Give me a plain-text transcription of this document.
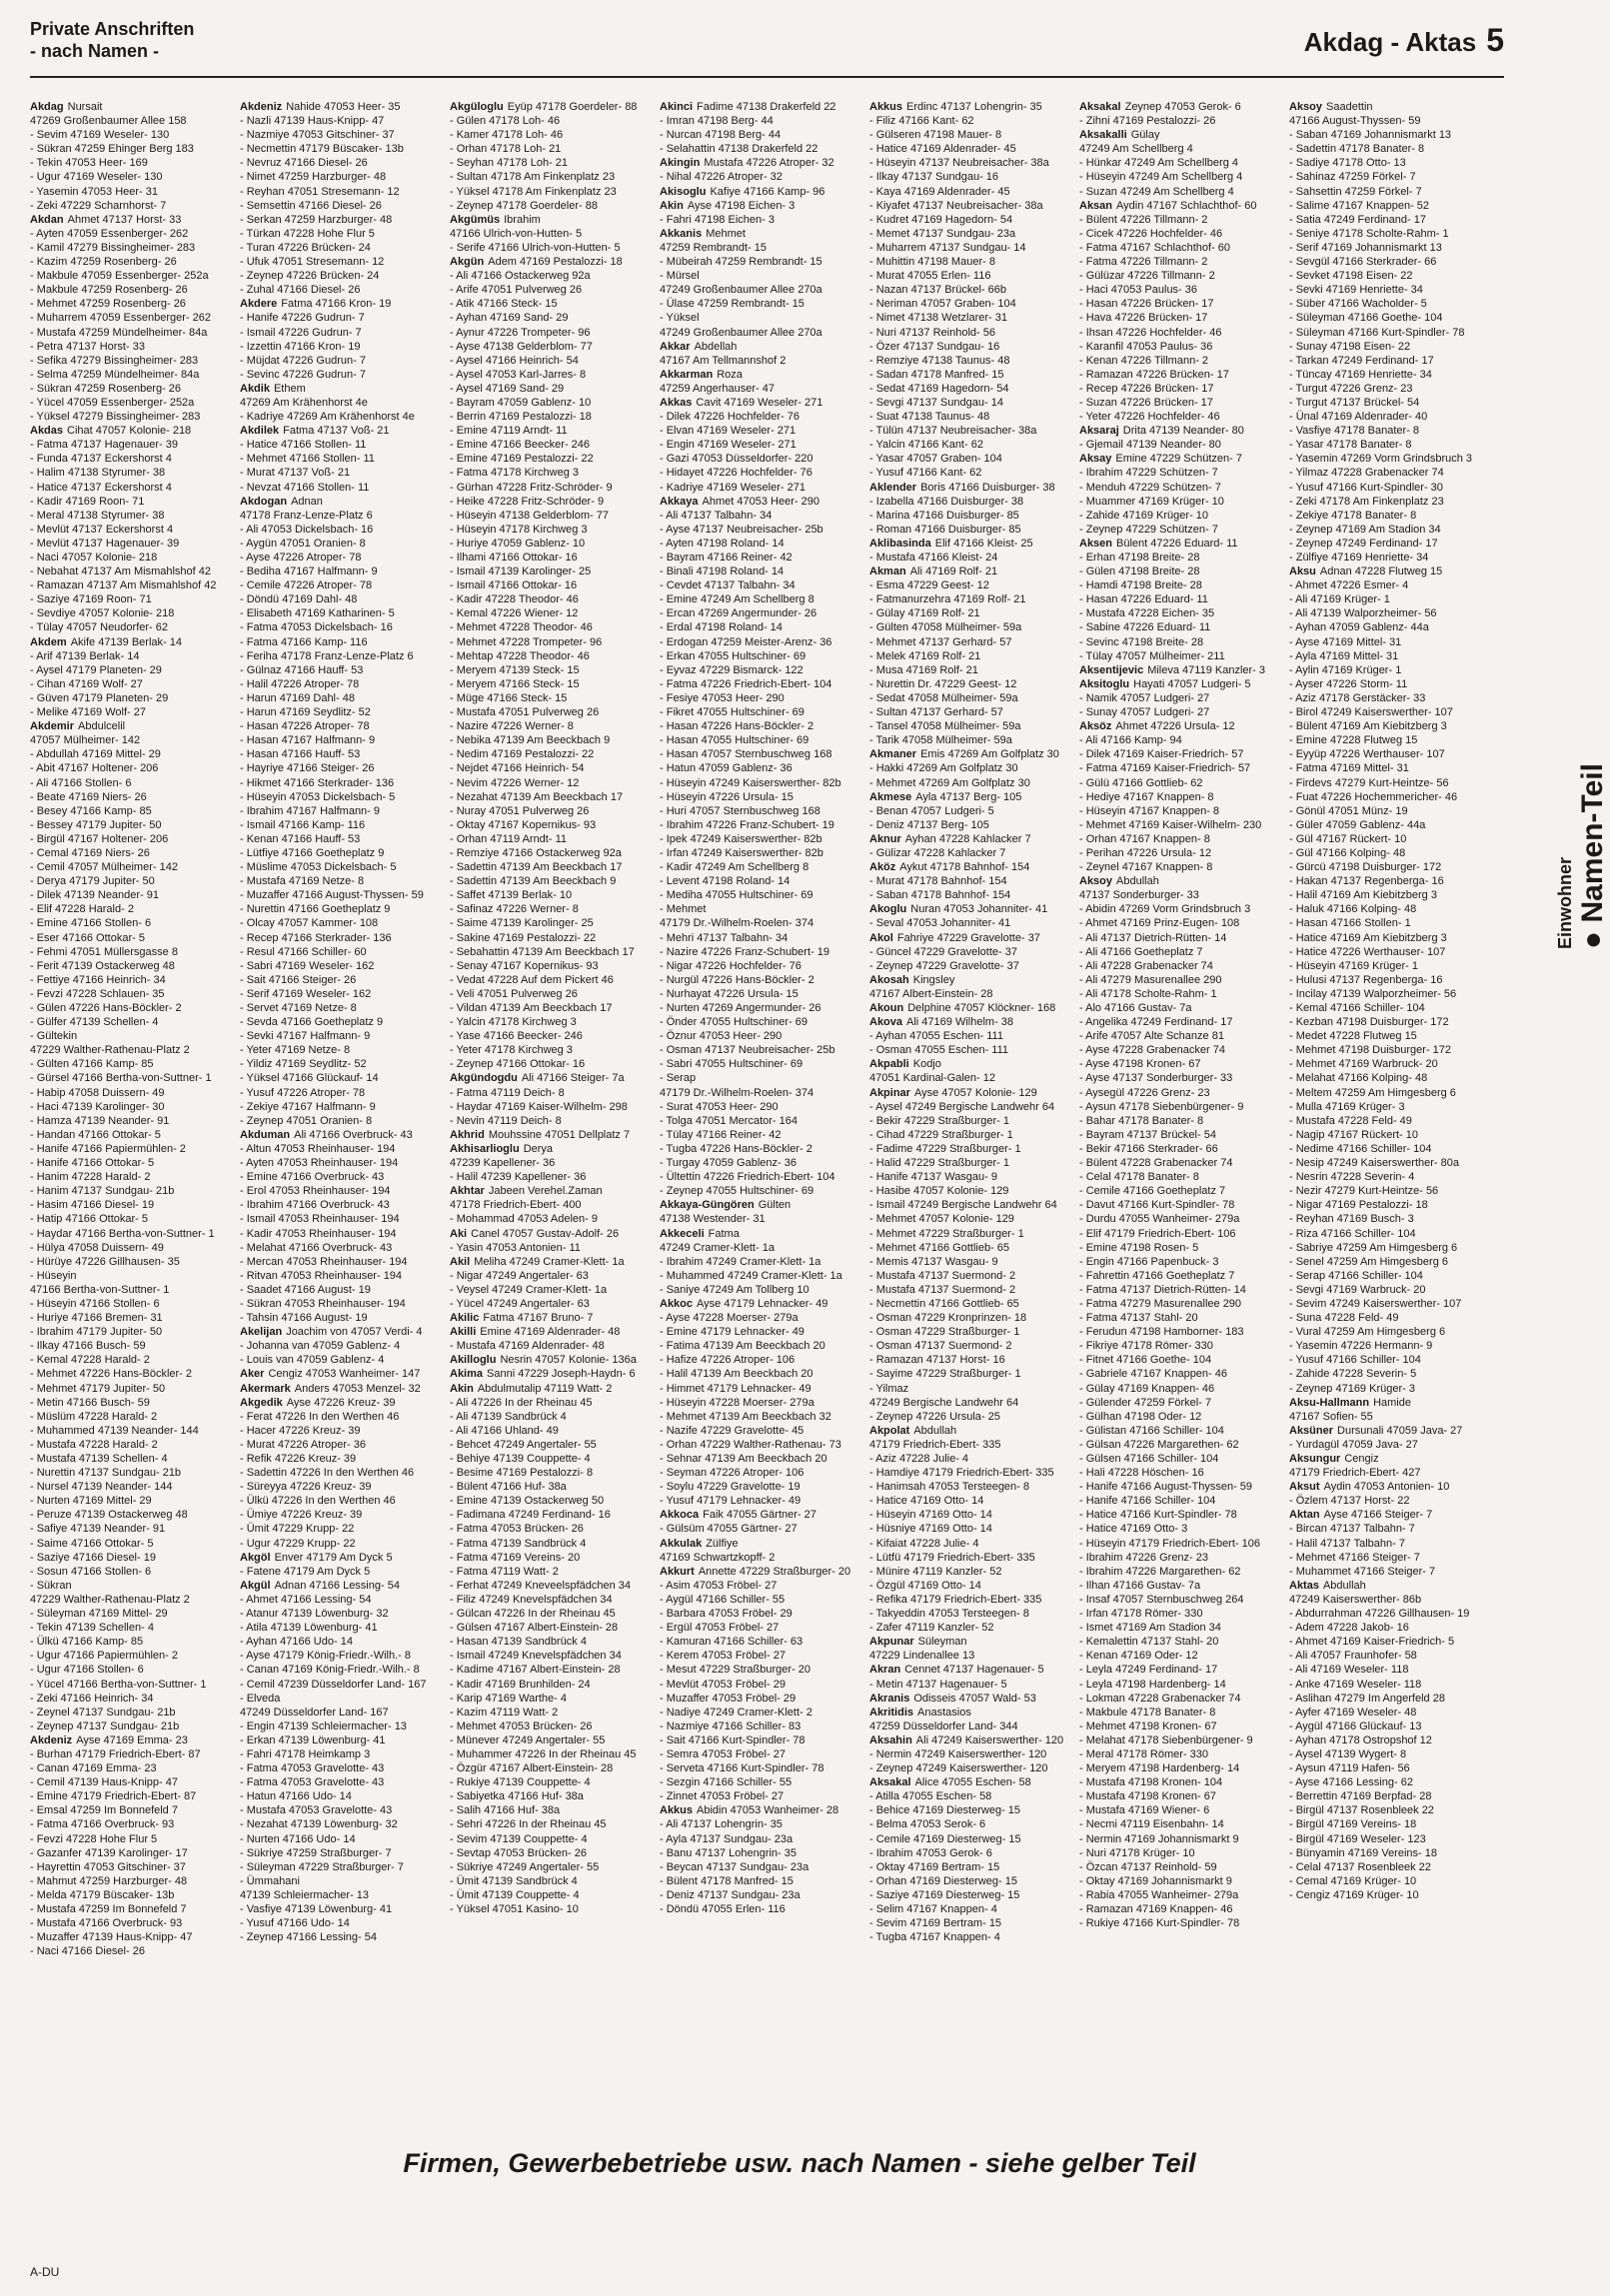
Private Anschriften
- nach Namen -	Akdag - Aktas 5
Akdag Nursait
47269 Großenbaumer Allee 158
- Sevim 47169 Weseler- 130
- Sükran 47259 Ehinger Berg 183
- Tekin 47053 Heer- 169
- Ugur 47169 Weseler- 130
- Yasemin 47053 Heer- 31
- Zeki 47229 Scharnhorst- 7
Akdan Ahmet 47137 Horst- 33
- Ayten 47059 Essenberger- 262
- Kamil 47279 Bissingheimer- 283
- Kazim 47259 Rosenberg- 26
- Makbule 47059 Essenberger- 252a
- Makbule 47259 Rosenberg- 26
- Mehmet 47259 Rosenberg- 26
- Muharrem 47059 Essenberger- 262
- Mustafa 47259 Mündelheimer- 84a
- Petra 47137 Horst- 33
- Sefika 47279 Bissingheimer- 283
- Selma 47259 Mündelheimer- 84a
- Sükran 47259 Rosenberg- 26
- Yücel 47059 Essenberger- 252a
- Yüksel 47279 Bissingheimer- 283
Akdas Cihat 47057 Kolonie- 218
- Fatma 47137 Hagenauer- 39
- Funda 47137 Eckershorst 4
- Halim 47138 Styrumer- 38
- Hatice 47137 Eckershorst 4
- Kadir 47169 Roon- 71
- Meral 47138 Styrumer- 38
- Mevlüt 47137 Eckershorst 4
- Mevlüt 47137 Hagenauer- 39
- Naci 47057 Kolonie- 218
- Nebahat 47137 Am Mismahlshof 42
- Ramazan 47137 Am Mismahlshof 42
- Saziye 47169 Roon- 71
- Sevdiye 47057 Kolonie- 218
- Tülay 47057 Neudorfer- 62
Akdem Akife 47139 Berlak- 14
- Arif 47139 Berlak- 14
- Aysel 47179 Planeten- 29
- Cihan 47169 Wolf- 27
- Güven 47179 Planeten- 29
- Melike 47169 Wolf- 27
Akdemir Abdulcelil
47057 Mülheimer- 142
- Abdullah 47169 Mittel- 29
- Abit 47167 Holtener- 206
- Ali 47166 Stollen- 6
- Beate 47169 Niers- 26
- Besey 47166 Kamp- 85
- Bessey 47179 Jupiter- 50
- Birgül 47167 Holtener- 206
- Cemal 47169 Niers- 26
- Cemil 47057 Mülheimer- 142
- Derya 47179 Jupiter- 50
- Dilek 47139 Neander- 91
- Elif 47228 Harald- 2
- Emine 47166 Stollen- 6
- Eser 47166 Ottokar- 5
- Fehmi 47051 Müllersgasse 8
- Ferit 47139 Ostackerweg 48
- Fettiye 47166 Heinrich- 34
- Fevzi 47228 Schlauen- 35
- Gülen 47226 Hans-Böckler- 2
- Gülfer 47139 Schellen- 4
- Gültekin
47229 Walther-Rathenau-Platz 2
- Gülten 47166 Kamp- 85
- Gürsel 47166 Bertha-von-Suttner- 1
- Habip 47058 Duissern- 49
- Haci 47139 Karolinger- 30
- Hamza 47139 Neander- 91
- Handan 47166 Ottokar- 5
- Hanife 47166 Papiermühlen- 2
- Hanife 47166 Ottokar- 5
- Hanim 47228 Harald- 2
- Hanim 47137 Sundgau- 21b
- Hasim 47166 Diesel- 19
- Hatip 47166 Ottokar- 5
- Haydar 47166 Bertha-von-Suttner- 1
- Hülya 47058 Duissern- 49
- Hürüye 47226 Gillhausen- 35
- Hüseyin
47166 Bertha-von-Suttner- 1
- Hüseyin 47166 Stollen- 6
- Huriye 47166 Bremen- 31
- Ibrahim 47179 Jupiter- 50
- Ilkay 47166 Busch- 59
- Kemal 47228 Harald- 2
- Mehmet 47226 Hans-Böckler- 2
- Mehmet 47179 Jupiter- 50
- Metin 47166 Busch- 59
- Müslüm 47228 Harald- 2
- Muhammed 47139 Neander- 144
- Mustafa 47228 Harald- 2
- Mustafa 47139 Schellen- 4
- Nurettin 47137 Sundgau- 21b
- Nursel 47139 Neander- 144
- Nurten 47169 Mittel- 29
- Peruze 47139 Ostackerweg 48
- Safiye 47139 Neander- 91
- Saime 47166 Ottokar- 5
- Saziye 47166 Diesel- 19
- Sosun 47166 Stollen- 6
- Sükran
47229 Walther-Rathenau-Platz 2
- Süleyman 47169 Mittel- 29
- Tekin 47139 Schellen- 4
- Ülkü 47166 Kamp- 85
- Ugur 47166 Papiermühlen- 2
- Ugur 47166 Stollen- 6
- Yücel 47166 Bertha-von-Suttner- 1
- Zeki 47166 Heinrich- 34
- Zeynel 47137 Sundgau- 21b
- Zeynep 47137 Sundgau- 21b
Akdeniz Ayse 47169 Emma- 23
- Burhan 47179 Friedrich-Ebert- 87
- Canan 47169 Emma- 23
- Cemil 47139 Haus-Knipp- 47
- Emine 47179 Friedrich-Ebert- 87
- Emsal 47259 Im Bonnefeld 7
- Fatma 47166 Overbruck- 93
- Fevzi 47228 Hohe Flur 5
- Gazanfer 47139 Karolinger- 17
- Hayrettin 47053 Gitschiner- 37
- Mahmut 47259 Harzburger- 48
- Melda 47179 Büscaker- 13b
- Mustafa 47259 Im Bonnefeld 7
- Mustafa 47166 Overbruck- 93
- Muzaffer 47139 Haus-Knipp- 47
- Naci 47166 Diesel- 26
Akdeniz Nahide 47053 Heer- 35
- Nazli 47139 Haus-Knipp- 47
- Nazmiye 47053 Gitschiner- 37
- Necmettin 47179 Büscaker- 13b
- Nevruz 47166 Diesel- 26
- Nimet 47259 Harzburger- 48
- Reyhan 47051 Stresemann- 12
- Semsettin 47166 Diesel- 26
- Serkan 47259 Harzburger- 48
- Türkan 47228 Hohe Flur 5
- Turan 47226 Brücken- 24
- Ufuk 47051 Stresemann- 12
- Zeynep 47226 Brücken- 24
- Zuhal 47166 Diesel- 26
Akdere Fatma 47166 Kron- 19
- Hanife 47226 Gudrun- 7
- Ismail 47226 Gudrun- 7
- Izzettin 47166 Kron- 19
- Müjdat 47226 Gudrun- 7
- Sevinc 47226 Gudrun- 7
Akdik Ethem
47269 Am Krähenhorst 4e
- Kadriye 47269 Am Krähenhorst 4e
Akdilek Fatma 47137 Voß- 21
- Hatice 47166 Stollen- 11
- Mehmet 47166 Stollen- 11
- Murat 47137 Voß- 21
- Nevzat 47166 Stollen- 11
Akdogan Adnan
47178 Franz-Lenze-Platz 6
- Ali 47053 Dickelsbach- 16
- Aygün 47051 Oranien- 8
- Ayse 47226 Atroper- 78
- Bediha 47167 Halfmann- 9
- Cemile 47226 Atroper- 78
- Döndü 47169 Dahl- 48
- Elisabeth 47169 Katharinen- 5
- Fatma 47053 Dickelsbach- 16
- Fatma 47166 Kamp- 116
- Feriha 47178 Franz-Lenze-Platz 6
- Gülnaz 47166 Hauff- 53
- Halil 47226 Atroper- 78
- Harun 47169 Dahl- 48
- Harun 47169 Seydlitz- 52
- Hasan 47226 Atroper- 78
- Hasan 47167 Halfmann- 9
- Hasan 47166 Hauff- 53
- Hayriye 47166 Steiger- 26
- Hikmet 47166 Sterkrader- 136
- Hüseyin 47053 Dickelsbach- 5
- Ibrahim 47167 Halfmann- 9
- Ismail 47166 Kamp- 116
- Kenan 47166 Hauff- 53
- Lütfiye 47166 Goetheplatz 9
- Müslime 47053 Dickelsbach- 5
- Mustafa 47169 Netze- 8
- Muzaffer 47166 August-Thyssen- 59
- Nurettin 47166 Goetheplatz 9
- Olcay 47057 Kammer- 108
- Recep 47166 Sterkrader- 136
- Resul 47166 Schiller- 60
- Sabri 47169 Weseler- 162
- Sait 47166 Steiger- 26
- Serif 47169 Weseler- 162
- Servet 47169 Netze- 8
- Sevda 47166 Goetheplatz 9
- Sevki 47167 Halfmann- 9
- Yeter 47169 Netze- 8
- Yildiz 47169 Seydlitz- 52
- Yüksel 47166 Glückauf- 14
- Yusuf 47226 Atroper- 78
- Zekiye 47167 Halfmann- 9
- Zeynep 47051 Oranien- 8
Akduman Ali 47166 Overbruck- 43
- Altun 47053 Rheinhauser- 194
- Ayten 47053 Rheinhauser- 194
- Emine 47166 Overbruck- 43
- Erol 47053 Rheinhauser- 194
- Ibrahim 47166 Overbruck- 43
- Ismail 47053 Rheinhauser- 194
- Kadir 47053 Rheinhauser- 194
- Melahat 47166 Overbruck- 43
- Mercan 47053 Rheinhauser- 194
- Ritvan 47053 Rheinhauser- 194
- Saadet 47166 August- 19
- Sükran 47053 Rheinhauser- 194
- Tahsin 47166 August- 19
Akelijan Joachim von 47057 Verdi- 4
- Johanna van 47059 Gablenz- 4
- Louis van 47059 Gablenz- 4
Aker Cengiz 47053 Wanheimer- 147
Akermark Anders 47053 Menzel- 32
Akgedik Ayse 47226 Kreuz- 39
- Ferat 47226 In den Werthen 46
- Hacer 47226 Kreuz- 39
- Murat 47226 Atroper- 36
- Refik 47226 Kreuz- 39
- Sadettin 47226 In den Werthen 46
- Süreyya 47226 Kreuz- 39
- Ülkü 47226 In den Werthen 46
- Ümiye 47226 Kreuz- 39
- Ümit 47229 Krupp- 22
- Ugur 47229 Krupp- 22
Akgöl Enver 47179 Am Dyck 5
- Fatene 47179 Am Dyck 5
Akgül Adnan 47166 Lessing- 54
- Ahmet 47166 Lessing- 54
- Atanur 47139 Löwenburg- 32
- Atila 47139 Löwenburg- 41
- Ayhan 47166 Udo- 14
- Ayse 47179 König-Friedr.-Wilh.- 8
- Canan 47169 König-Friedr.-Wilh.- 8
- Cemil 47239 Düsseldorfer Land- 167
- Elveda
47249 Düsseldorfer Land- 167
- Engin 47139 Schleiermacher- 13
- Erkan 47139 Löwenburg- 41
- Fahri 47178 Heimkamp 3
- Fatma 47053 Gravelotte- 43
- Fatma 47053 Gravelotte- 43
- Hatun 47166 Udo- 14
- Mustafa 47053 Gravelotte- 43
- Nezahat 47139 Löwenburg- 32
- Nurten 47166 Udo- 14
- Sükriye 47259 Straßburger- 7
- Süleyman 47229 Straßburger- 7
- Ümmahani
47139 Schleiermacher- 13
- Vasfiye 47139 Löwenburg- 41
- Yusuf 47166 Udo- 14
- Zeynep 47166 Lessing- 54
Akgüloglu Eyüp 47178 Goerdeler- 88
- Gülen 47178 Loh- 46
- Kamer 47178 Loh- 46
- Orhan 47178 Loh- 21
- Seyhan 47178 Loh- 21
- Sultan 47178 Am Finkenplatz 23
- Yüksel 47178 Am Finkenplatz 23
- Zeynep 47178 Goerdeler- 88
Akgümüs Ibrahim
47166 Ulrich-von-Hutten- 5
- Serife 47166 Ulrich-von-Hutten- 5
Akgün Adem 47169 Pestalozzi- 18
- Ali 47166 Ostackerweg 92a
- Arife 47051 Pulverweg 26
- Atik 47166 Steck- 15
- Ayhan 47169 Sand- 29
- Aynur 47226 Trompeter- 96
- Ayse 47138 Gelderblom- 77
- Aysel 47166 Heinrich- 54
- Aysel 47053 Karl-Jarres- 8
- Aysel 47169 Sand- 29
- Bayram 47059 Gablenz- 10
- Berrin 47169 Pestalozzi- 18
- Emine 47119 Arndt- 11
- Emine 47166 Beecker- 246
- Emine 47169 Pestalozzi- 22
- Fatma 47178 Kirchweg 3
- Gürhan 47228 Fritz-Schröder- 9
- Heike 47228 Fritz-Schröder- 9
- Hüseyin 47138 Gelderblom- 77
- Hüseyin 47178 Kirchweg 3
- Huriye 47059 Gablenz- 10
- Ilhami 47166 Ottokar- 16
- Ismail 47139 Karolinger- 25
- Ismail 47166 Ottokar- 16
- Kadir 47228 Theodor- 46
- Kemal 47226 Wiener- 12
- Mehmet 47228 Theodor- 46
- Mehmet 47228 Trompeter- 96
- Mehtap 47228 Theodor- 46
- Meryem 47139 Steck- 15
- Meryem 47166 Steck- 15
- Müge 47166 Steck- 15
- Mustafa 47051 Pulverweg 26
- Nazire 47226 Werner- 8
- Nebika 47139 Am Beeckbach 9
- Nedim 47169 Pestalozzi- 22
- Nejdet 47166 Heinrich- 54
- Nevim 47226 Werner- 12
- Nezahat 47139 Am Beeckbach 17
- Nuray 47051 Pulverweg 26
- Oktay 47167 Kopernikus- 93
- Orhan 47119 Arndt- 11
- Remziye 47166 Ostackerweg 92a
- Sadettin 47139 Am Beeckbach 17
- Sadettin 47139 Am Beeckbach 9
- Saffet 47139 Berlak- 10
- Safinaz 47226 Werner- 8
- Saime 47139 Karolinger- 25
- Sakine 47169 Pestalozzi- 22
- Sebahattin 47139 Am Beeckbach 17
- Senay 47167 Kopernikus- 93
- Vedat 47228 Auf dem Pickert 46
- Veli 47051 Pulverweg 26
- Vildan 47139 Am Beeckbach 17
- Yalcin 47178 Kirchweg 3
- Yase 47166 Beecker- 246
- Yeter 47178 Kirchweg 3
- Zeynep 47166 Ottokar- 16
Akgündogdu Ali 47166 Steiger- 7a
- Fatma 47119 Deich- 8
- Haydar 47169 Kaiser-Wilhelm- 298
- Nevin 47119 Deich- 8
Akhrid Mouhssine 47051 Dellplatz 7
Akhisarlioglu Derya
47239 Kapellener- 36
- Halil 47239 Kapellener- 36
Akhtar Jabeen Verehel.Zaman
47178 Friedrich-Ebert- 400
- Mohammad 47053 Adelen- 9
Aki Canel 47057 Gustav-Adolf- 26
- Yasin 47053 Antonien- 11
Akil Meliha 47249 Cramer-Klett- 1a
- Nigar 47249 Angertaler- 63
- Veysel 47249 Cramer-Klett- 1a
- Yücel 47249 Angertaler- 63
Akilic Fatma 47167 Bruno- 7
Akilli Emine 47169 Aldenrader- 48
- Mustafa 47169 Aldenrader- 48
Akilloglu Nesrin 47057 Kolonie- 136a
Akima Sanni 47229 Joseph-Haydn- 6
Akin Abdulmutalip 47119 Watt- 2
- Ali 47226 In der Rheinau 45
- Ali 47139 Sandbrück 4
- Ali 47166 Uhland- 49
- Behcet 47249 Angertaler- 55
- Behiye 47139 Couppette- 4
- Besime 47169 Pestalozzi- 8
- Bülent 47166 Huf- 38a
- Emine 47139 Ostackerweg 50
- Fadimana 47249 Ferdinand- 16
- Fatma 47053 Brücken- 26
- Fatma 47139 Sandbrück 4
- Fatma 47169 Vereins- 20
- Fatma 47119 Watt- 2
- Ferhat 47249 Kneveelspfädchen 34
- Filiz 47249 Knevelspfädchen 34
- Gülcan 47226 In der Rheinau 45
- Gülsen 47167 Albert-Einstein- 28
- Hasan 47139 Sandbrück 4
- Ismail 47249 Knevelspfädchen 34
- Kadime 47167 Albert-Einstein- 28
- Kadir 47169 Brunhilden- 24
- Karip 47169 Warthe- 4
- Kazim 47119 Watt- 2
- Mehmet 47053 Brücken- 26
- Münever 47249 Angertaler- 55
- Muhammer 47226 In der Rheinau 45
- Özgür 47167 Albert-Einstein- 28
- Rukiye 47139 Couppette- 4
- Sabiyetka 47166 Huf- 38a
- Salih 47166 Huf- 38a
- Sehri 47226 In der Rheinau 45
- Sevim 47139 Couppette- 4
- Sevtap 47053 Brücken- 26
- Sükriye 47249 Angertaler- 55
- Ümit 47139 Sandbrück 4
- Ümit 47139 Couppette- 4
- Yüksel 47051 Kasino- 10
Akinci Fadime 47138 Drakerfeld 22
- Imran 47198 Berg- 44
- Nurcan 47198 Berg- 44
- Selahattin 47138 Drakerfeld 22
Akingin Mustafa 47226 Atroper- 32
- Nihal 47226 Atroper- 32
Akisoglu Kafiye 47166 Kamp- 96
Akin Ayse 47198 Eichen- 3
- Fahri 47198 Eichen- 3
Akkanis Mehmet
47259 Rembrandt- 15
- Mübeirah 47259 Rembrandt- 15
- Mürsel
47249 Großenbaumer Allee 270a
- Ülase 47259 Rembrandt- 15
- Yüksel
47249 Großenbaumer Allee 270a
Akkar Abdellah
47167 Am Tellmannshof 2
Akkarman Roza
47259 Angerhauser- 47
Akkas Cavit 47169 Weseler- 271
- Dilek 47226 Hochfelder- 76
- Elvan 47169 Weseler- 271
- Engin 47169 Weseler- 271
- Gazi 47053 Düsseldorfer- 220
- Hidayet 47226 Hochfelder- 76
- Kadriye 47169 Weseler- 271
Akkaya Ahmet 47053 Heer- 290
- Ali 47137 Talbahn- 34
- Ayse 47137 Neubreisacher- 25b
- Ayten 47198 Roland- 14
- Bayram 47166 Reiner- 42
- Binali 47198 Roland- 14
- Cevdet 47137 Talbahn- 34
- Emine 47249 Am Schellberg 8
- Ercan 47269 Angermunder- 26
- Erdal 47198 Roland- 14
- Erdogan 47259 Meister-Arenz- 36
- Erkan 47055 Hultschiner- 69
- Eyvaz 47229 Bismarck- 122
- Fatma 47226 Friedrich-Ebert- 104
- Fesiye 47053 Heer- 290
- Fikret 47055 Hultschiner- 69
- Hasan 47226 Hans-Böckler- 2
- Hasan 47055 Hultschiner- 69
- Hasan 47057 Sternbuschweg 168
- Hatun 47059 Gablenz- 36
- Hüseyin 47249 Kaiserswerther- 82b
- Hüseyin 47226 Ursula- 15
- Huri 47057 Sternbuschweg 168
- Ibrahim 47226 Franz-Schubert- 19
- Ipek 47249 Kaiserswerther- 82b
- Irfan 47249 Kaiserswerther- 82b
- Kadir 47249 Am Schellberg 8
- Levent 47198 Roland- 14
- Mediha 47055 Hultschiner- 69
- Mehmet
47179 Dr.-Wilhelm-Roelen- 374
- Mehri 47137 Talbahn- 34
- Nazire 47226 Franz-Schubert- 19
- Nigar 47226 Hochfelder- 76
- Nurgül 47226 Hans-Böckler- 2
- Nurhayat 47226 Ursula- 15
- Nurten 47269 Angermunder- 26
- Önder 47055 Hultschiner- 69
- Öznur 47053 Heer- 290
- Osman 47137 Neubreisacher- 25b
- Sabri 47055 Hultschiner- 69
- Serap
47179 Dr.-Wilhelm-Roelen- 374
- Surat 47053 Heer- 290
- Tolga 47051 Mercator- 164
- Tülay 47166 Reiner- 42
- Tugba 47226 Hans-Böckler- 2
- Turgay 47059 Gablenz- 36
- Ültettin 47226 Friedrich-Ebert- 104
- Zeynep 47055 Hultschiner- 69
Akkaya-Güngören Gülten
47138 Westender- 31
Akkeceli Fatma
47249 Cramer-Klett- 1a
- Ibrahim 47249 Cramer-Klett- 1a
- Muhammed 47249 Cramer-Klett- 1a
- Saniye 47249 Am Tollberg 10
Akkoc Ayse 47179 Lehnacker- 49
- Ayse 47228 Moerser- 279a
- Emine 47179 Lehnacker- 49
- Fatima 47139 Am Beeckbach 20
- Hafize 47226 Atroper- 106
- Halil 47139 Am Beeckbach 20
- Himmet 47179 Lehnacker- 49
- Hüseyin 47228 Moerser- 279a
- Mehmet 47139 Am Beeckbach 32
- Nazife 47229 Gravelotte- 45
- Orhan 47229 Walther-Rathenau- 73
- Sehnar 47139 Am Beeckbach 20
- Seyman 47226 Atroper- 106
- Soylu 47229 Gravelotte- 19
- Yusuf 47179 Lehnacker- 49
Akkoca Faik 47055 Gärtner- 27
- Gülsüm 47055 Gärtner- 27
Akkulak Zülfiye
47169 Schwartzkopff- 2
Akkurt Annette 47229 Straßburger- 20
- Asim 47053 Fröbel- 27
- Aygül 47166 Schiller- 55
- Barbara 47053 Fröbel- 29
- Ergül 47053 Fröbel- 27
- Kamuran 47166 Schiller- 63
- Kerem 47053 Fröbel- 27
- Mesut 47229 Straßburger- 20
- Mevlüt 47053 Fröbel- 29
- Muzaffer 47053 Fröbel- 29
- Nadiye 47249 Cramer-Klett- 2
- Nazmiye 47166 Schiller- 83
- Sait 47166 Kurt-Spindler- 78
- Semra 47053 Fröbel- 27
- Serveta 47166 Kurt-Spindler- 78
- Sezgin 47166 Schiller- 55
- Zinnet 47053 Fröbel- 27
Akkus Abidin 47053 Wanheimer- 28
- Ali 47137 Lohengrin- 35
- Ayla 47137 Sundgau- 23a
- Banu 47137 Lohengrin- 35
- Beycan 47137 Sundgau- 23a
- Bülent 47178 Manfred- 15
- Deniz 47137 Sundgau- 23a
- Döndü 47055 Erlen- 116
Akkus Erdinc 47137 Lohengrin- 35
- Filiz 47166 Kant- 62
- Gülseren 47198 Mauer- 8
- Hatice 47169 Aldenrader- 45
- Hüseyin 47137 Neubreisacher- 38a
- Ilkay 47137 Sundgau- 16
- Kaya 47169 Aldenrader- 45
- Kiyafet 47137 Neubreisacher- 38a
- Kudret 47169 Hagedorn- 54
- Memet 47137 Sundgau- 23a
- Muharrem 47137 Sundgau- 14
- Muhittin 47198 Mauer- 8
- Murat 47055 Erlen- 116
- Nazan 47137 Brückel- 66b
- Neriman 47057 Graben- 104
- Nimet 47138 Wetzlarer- 31
- Nuri 47137 Reinhold- 56
- Özer 47137 Sundgau- 16
- Remziye 47138 Taunus- 48
- Sadan 47178 Manfred- 15
- Sedat 47169 Hagedorn- 54
- Sevgi 47137 Sundgau- 14
- Suat 47138 Taunus- 48
- Tülün 47137 Neubreisacher- 38a
- Yalcin 47166 Kant- 62
- Yasar 47057 Graben- 104
- Yusuf 47166 Kant- 62
Aklender Boris 47166 Duisburger- 38
- Izabella 47166 Duisburger- 38
- Marina 47166 Duisburger- 85
- Roman 47166 Duisburger- 85
Aklibasinda Elif 47166 Kleist- 25
- Mustafa 47166 Kleist- 24
Akman Ali 47169 Rolf- 21
- Esma 47229 Geest- 12
- Fatmanurzehra 47169 Rolf- 21
- Gülay 47169 Rolf- 21
- Gülten 47058 Mülheimer- 59a
- Mehmet 47137 Gerhard- 57
- Melek 47169 Rolf- 21
- Musa 47169 Rolf- 21
- Nurettin Dr. 47229 Geest- 12
- Sedat 47058 Mülheimer- 59a
- Sultan 47137 Gerhard- 57
- Tansel 47058 Mülheimer- 59a
- Tarik 47058 Mülheimer- 59a
Akmaner Emis 47269 Am Golfplatz 30
- Hakki 47269 Am Golfplatz 30
- Mehmet 47269 Am Golfplatz 30
Akmese Ayla 47137 Berg- 105
- Benan 47057 Ludgeri- 5
- Deniz 47137 Berg- 105
Aknur Ayhan 47228 Kahlacker 7
- Gülizar 47228 Kahlacker 7
Aköz Aykut 47178 Bahnhof- 154
- Murat 47178 Bahnhof- 154
- Saban 47178 Bahnhof- 154
Akoglu Nuran 47053 Johanniter- 41
- Seval 47053 Johanniter- 41
Akol Fahriye 47229 Gravelotte- 37
- Güncel 47229 Gravelotte- 37
- Zeynep 47229 Gravelotte- 37
Akosah Kingsley
47167 Albert-Einstein- 28
Akoun Delphine 47057 Klöckner- 168
Akova Ali 47169 Wilhelm- 38
- Ayhan 47055 Eschen- 111
- Osman 47055 Eschen- 111
Akpabli Kodjo
47051 Kardinal-Galen- 12
Akpinar Ayse 47057 Kolonie- 129
- Aysel 47249 Bergische Landwehr 64
- Bekir 47229 Straßburger- 1
- Cihad 47229 Straßburger- 1
- Fadime 47229 Straßburger- 1
- Halid 47229 Straßburger- 1
- Hanife 47137 Wasgau- 9
- Hasibe 47057 Kolonie- 129
- Ismail 47249 Bergische Landwehr 64
- Mehmet 47057 Kolonie- 129
- Mehmet 47229 Straßburger- 1
- Mehmet 47166 Gottlieb- 65
- Memis 47137 Wasgau- 9
- Mustafa 47137 Suermond- 2
- Mustafa 47137 Suermond- 2
- Necmettin 47166 Gottlieb- 65
- Osman 47229 Kronprinzen- 18
- Osman 47229 Straßburger- 1
- Osman 47137 Suermond- 2
- Ramazan 47137 Horst- 16
- Sayime 47229 Straßburger- 1
- Yilmaz
47249 Bergische Landwehr 64
- Zeynep 47226 Ursula- 25
Akpolat Abdullah
47179 Friedrich-Ebert- 335
- Aziz 47228 Julie- 4
- Hamdiye 47179 Friedrich-Ebert- 335
- Hanimsah 47053 Tersteegen- 8
- Hatice 47169 Otto- 14
- Hüseyin 47169 Otto- 14
- Hüsniye 47169 Otto- 14
- Kifaiat 47228 Julie- 4
- Lütfü 47179 Friedrich-Ebert- 335
- Münire 47119 Kanzler- 52
- Özgül 47169 Otto- 14
- Refika 47179 Friedrich-Ebert- 335
- Takyeddin 47053 Tersteegen- 8
- Zafer 47119 Kanzler- 52
Akpunar Süleyman
47229 Lindenallee 13
Akran Cennet 47137 Hagenauer- 5
- Metin 47137 Hagenauer- 5
Akranis Odisseis 47057 Wald- 53
Akritidis Anastasios
47259 Düsseldorfer Land- 344
Aksahin Ali 47249 Kaiserswerther- 120
- Nermin 47249 Kaiserswerther- 120
- Zeynep 47249 Kaiserswerther- 120
Aksakal Alice 47055 Eschen- 58
- Atilla 47055 Eschen- 58
- Behice 47169 Diesterweg- 15
- Belma 47053 Serok- 6
- Cemile 47169 Diesterweg- 15
- Ibrahim 47053 Gerok- 6
- Oktay 47169 Bertram- 15
- Orhan 47169 Diesterweg- 15
- Saziye 47169 Diesterweg- 15
- Selim 47167 Knappen- 4
- Sevim 47169 Bertram- 15
- Tugba 47167 Knappen- 4
Aksakal Zeynep 47053 Gerok- 6
- Zihni 47169 Pestalozzi- 26
Aksakalli Gülay
47249 Am Schellberg 4
- Hünkar 47249 Am Schellberg 4
- Hüseyin 47249 Am Schellberg 4
- Suzan 47249 Am Schellberg 4
Aksan Aydin 47167 Schlachthof- 60
- Bülent 47226 Tillmann- 2
- Cicek 47226 Hochfelder- 46
- Fatma 47167 Schlachthof- 60
- Fatma 47226 Tillmann- 2
- Gülüzar 47226 Tillmann- 2
- Haci 47053 Paulus- 36
- Hasan 47226 Brücken- 17
- Hava 47226 Brücken- 17
- Ihsan 47226 Hochfelder- 46
- Karanfil 47053 Paulus- 36
- Kenan 47226 Tillmann- 2
- Ramazan 47226 Brücken- 17
- Recep 47226 Brücken- 17
- Suzan 47226 Brücken- 17
- Yeter 47226 Hochfelder- 46
Aksaraj Drita 47139 Neander- 80
- Gjemail 47139 Neander- 80
Aksay Emine 47229 Schützen- 7
- Ibrahim 47229 Schützen- 7
- Menduh 47229 Schützen- 7
- Muammer 47169 Krüger- 10
- Zahide 47169 Krüger- 10
- Zeynep 47229 Schützen- 7
Aksen Bülent 47226 Eduard- 11
- Erhan 47198 Breite- 28
- Gülen 47198 Breite- 28
- Hamdi 47198 Breite- 28
- Hasan 47226 Eduard- 11
- Mustafa 47228 Eichen- 35
- Sabine 47226 Eduard- 11
- Sevinc 47198 Breite- 28
- Tülay 47057 Mülheimer- 211
Aksentijevic Mileva 47119 Kanzler- 3
Aksitoglu Hayati 47057 Ludgeri- 5
- Namik 47057 Ludgeri- 27
- Sunay 47057 Ludgeri- 27
Aksöz Ahmet 47226 Ursula- 12
- Ali 47166 Kamp- 94
- Dilek 47169 Kaiser-Friedrich- 57
- Fatma 47169 Kaiser-Friedrich- 57
- Gülü 47166 Gottlieb- 62
- Hediye 47167 Knappen- 8
- Hüseyin 47167 Knappen- 8
- Mehmet 47169 Kaiser-Wilhelm- 230
- Orhan 47167 Knappen- 8
- Perihan 47226 Ursula- 12
- Zeynel 47167 Knappen- 8
Aksoy Abdullah
47137 Sonderburger- 33
- Abidin 47269 Vorm Grindsbruch 3
- Ahmet 47169 Prinz-Eugen- 108
- Ali 47137 Dietrich-Rütten- 14
- Ali 47166 Goetheplatz 7
- Ali 47228 Grabenacker 74
- Ali 47279 Masurenallee 290
- Ali 47178 Scholte-Rahm- 1
- Alo 47166 Gustav- 7a
- Angelika 47249 Ferdinand- 17
- Arife 47057 Alte Schanze 81
- Ayse 47228 Grabenacker 74
- Ayse 47198 Kronen- 67
- Ayse 47137 Sonderburger- 33
- Aysegül 47226 Grenz- 23
- Aysun 47178 Siebenbürgener- 9
- Bahar 47178 Banater- 8
- Bayram 47137 Brückel- 54
- Bekir 47166 Sterkrader- 66
- Bülent 47228 Grabenacker 74
- Celal 47178 Banater- 8
- Cemile 47166 Goetheplatz 7
- Davut 47166 Kurt-Spindler- 78
- Durdu 47055 Wanheimer- 279a
- Elif 47179 Friedrich-Ebert- 106
- Emine 47198 Rosen- 5
- Engin 47166 Papenbuck- 3
- Fahrettin 47166 Goetheplatz 7
- Fatma 47137 Dietrich-Rütten- 14
- Fatma 47279 Masurenallee 290
- Fatma 47137 Stahl- 20
- Ferudun 47198 Hamborner- 183
- Fikriye 47178 Römer- 330
- Fitnet 47166 Goethe- 104
- Gabriele 47167 Knappen- 46
- Gülay 47169 Knappen- 46
- Gülender 47259 Förkel- 7
- Gülhan 47198 Oder- 12
- Gülistan 47166 Schiller- 104
- Gülsan 47226 Margarethen- 62
- Gülsen 47166 Schiller- 104
- Hali 47228 Höschen- 16
- Hanife 47166 August-Thyssen- 59
- Hanife 47166 Schiller- 104
- Hatice 47166 Kurt-Spindler- 78
- Hatice 47169 Otto- 3
- Hüseyin 47179 Friedrich-Ebert- 106
- Ibrahim 47226 Grenz- 23
- Ibrahim 47226 Margarethen- 62
- Ilhan 47166 Gustav- 7a
- Insaf 47057 Sternbuschweg 264
- Irfan 47178 Römer- 330
- Ismet 47169 Am Stadion 34
- Kemalettin 47137 Stahl- 20
- Kenan 47169 Oder- 12
- Leyla 47249 Ferdinand- 17
- Leyla 47198 Hardenberg- 14
- Lokman 47228 Grabenacker 74
- Makbule 47178 Banater- 8
- Mehmet 47198 Kronen- 67
- Melahat 47178 Siebenbürgener- 9
- Meral 47178 Römer- 330
- Meryem 47198 Hardenberg- 14
- Mustafa 47198 Kronen- 104
- Mustafa 47198 Kronen- 67
- Mustafa 47169 Wiener- 6
- Necmi 47119 Eisenbahn- 14
- Nermin 47169 Johannismarkt 9
- Nuri 47178 Krüger- 10
- Özcan 47137 Reinhold- 59
- Oktay 47169 Johannismarkt 9
- Rabia 47055 Wanheimer- 279a
- Ramazan 47169 Knappen- 46
- Rukiye 47166 Kurt-Spindler- 78
Aksoy Saadettin
47166 August-Thyssen- 59
- Saban 47169 Johannismarkt 13
- Sadettin 47178 Banater- 8
- Sadiye 47178 Otto- 13
- Sahinaz 47259 Förkel- 7
- Sahsettin 47259 Förkel- 7
- Salime 47167 Knappen- 52
- Satia 47249 Ferdinand- 17
- Seniye 47178 Scholte-Rahm- 1
- Serif 47169 Johannismarkt 13
- Sevgül 47166 Sterkrader- 66
- Sevket 47198 Eisen- 22
- Sevki 47169 Henriette- 34
- Süber 47166 Wacholder- 5
- Süleyman 47166 Goethe- 104
- Süleyman 47166 Kurt-Spindler- 78
- Sunay 47198 Eisen- 22
- Tarkan 47249 Ferdinand- 17
- Tüncay 47169 Henriette- 34
- Turgut 47226 Grenz- 23
- Turgut 47137 Brückel- 54
- Ünal 47169 Aldenrader- 40
- Vasfiye 47178 Banater- 8
- Yasar 47178 Banater- 8
- Yasemin 47269 Vorm Grindsbruch 3
- Yilmaz 47228 Grabenacker 74
- Yusuf 47166 Kurt-Spindler- 30
- Zeki 47178 Am Finkenplatz 23
- Zekiye 47178 Banater- 8
- Zeynep 47169 Am Stadion 34
- Zeynep 47249 Ferdinand- 17
- Zülfiye 47169 Henriette- 34
Aksu Adnan 47228 Flutweg 15
- Ahmet 47226 Esmer- 4
- Ali 47169 Krüger- 1
- Ali 47139 Walporzheimer- 56
- Ayhan 47059 Gablenz- 44a
- Ayse 47169 Mittel- 31
- Ayla 47169 Mittel- 31
- Aylin 47169 Krüger- 1
- Ayser 47226 Storm- 11
- Aziz 47178 Gerstäcker- 33
- Birol 47249 Kaiserswerther- 107
- Bülent 47169 Am Kiebitzberg 3
- Emine 47228 Flutweg 15
- Eyyüp 47226 Werthauser- 107
- Fatma 47169 Mittel- 31
- Firdevs 47279 Kurt-Heintze- 56
- Fuat 47226 Hochemmericher- 46
- Gönül 47051 Münz- 19
- Güler 47059 Gablenz- 44a
- Gül 47167 Rückert- 10
- Gül 47166 Kolping- 48
- Gürcü 47198 Duisburger- 172
- Hakan 47137 Regenberga- 16
- Halil 47169 Am Kiebitzberg 3
- Haluk 47166 Kolping- 48
- Hasan 47166 Stollen- 1
- Hatice 47169 Am Kiebitzberg 3
- Hatice 47226 Werthauser- 107
- Hüseyin 47169 Krüger- 1
- Hulusi 47137 Regenberga- 16
- Incilay 47139 Walporzheimer- 56
- Kemal 47166 Schiller- 104
- Kezban 47198 Duisburger- 172
- Medet 47228 Flutweg 15
- Mehmet 47198 Duisburger- 172
- Mehmet 47169 Warbruck- 20
- Melahat 47166 Kolping- 48
- Meltem 47259 Am Himgesberg 6
- Mulla 47169 Krüger- 3
- Mustafa 47228 Feld- 49
- Nagip 47167 Rückert- 10
- Nedime 47166 Schiller- 104
- Nesip 47249 Kaiserswerther- 80a
- Nesrin 47228 Severin- 4
- Nezir 47279 Kurt-Heintze- 56
- Nigar 47169 Pestalozzi- 18
- Reyhan 47169 Busch- 3
- Riza 47166 Schiller- 104
- Sabriye 47259 Am Himgesberg 6
- Senel 47259 Am Himgesberg 6
- Serap 47166 Schiller- 104
- Sevgi 47169 Warbruck- 20
- Sevim 47249 Kaiserswerther- 107
- Suna 47228 Feld- 49
- Vural 47259 Am Himgesberg 6
- Yasemin 47226 Hermann- 9
- Yusuf 47166 Schiller- 104
- Zahide 47228 Severin- 5
- Zeynep 47169 Krüger- 3
Aksu-Hallmann Hamide
47167 Sofien- 55
Aksüner Dursunali 47059 Java- 27
- Yurdagül 47059 Java- 27
Aksungur Cengiz
47179 Friedrich-Ebert- 427
Aksut Aydin 47053 Antonien- 10
- Özlem 47137 Horst- 22
Aktan Ayse 47166 Steiger- 7
- Bircan 47137 Talbahn- 7
- Halil 47137 Talbahn- 7
- Mehmet 47166 Steiger- 7
- Muhammet 47166 Steiger- 7
Aktas Abdullah
47249 Kaiserswerther- 86b
- Abdurrahman 47226 Gillhausen- 19
- Adem 47228 Jakob- 16
- Ahmet 47169 Kaiser-Friedrich- 5
- Ali 47057 Fraunhofer- 58
- Ali 47169 Weseler- 118
- Anke 47169 Weseler- 118
- Aslihan 47279 Im Angerfeld 28
- Ayfer 47169 Weseler- 48
- Aygül 47166 Glückauf- 13
- Ayhan 47178 Ostropshof 12
- Aysel 47139 Wygert- 8
- Aysun 47119 Hafen- 56
- Ayse 47166 Lessing- 62
- Berrettin 47169 Berpfad- 28
- Birgül 47137 Rosenbleek 22
- Birgül 47169 Vereins- 18
- Birgül 47169 Weseler- 123
- Bünyamin 47169 Vereins- 18
- Celal 47137 Rosenbleek 22
- Cemal 47169 Krüger- 10
- Cengiz 47169 Krüger- 10
Einwohner
● Namen-Teil
Firmen, Gewerbebetriebe usw. nach Namen - siehe gelber Teil
A-DU
